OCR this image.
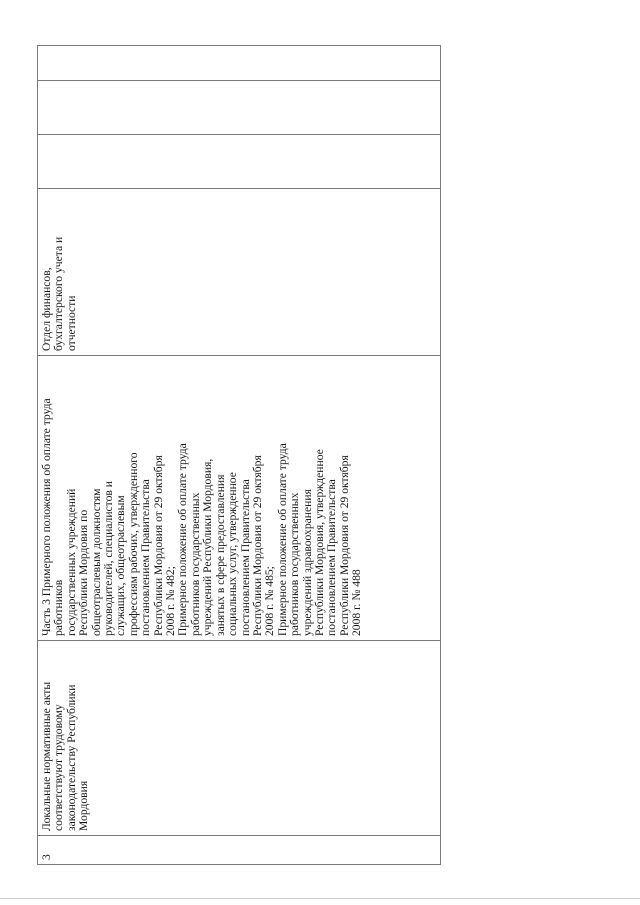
3	Локальные нормативные акты соответствуют трудовому законодательству Республики Мордовия	Часть 3 Примерного положения об оплате труда работников
государственных учреждений
Республики Мордовия по
общеотраслевым должностям
руководителей, специалистов и
служащих, общеотраслевым
профессиям рабочих, утвержденного
постановлением Правительства
Республики Мордовия от 29 октября
2008 г. № 482;
Примерное положение об оплате труда
работников государственных
учреждений Республики Мордовия,
занятых в сфере предоставления
социальных услуг, утвержденное
постановлением Правительства
Республики Мордовия от 29 октября
2008 г. № 485;
Примерное положение об оплате труда
работников государственных
учреждений здравоохранения
Республики Мордовия, утвержденное
постановлением Правительства
Республики Мордовия от 29 октября
2008 г. № 488	Отдел финансов,
бухгалтерского учета и
отчетности			
